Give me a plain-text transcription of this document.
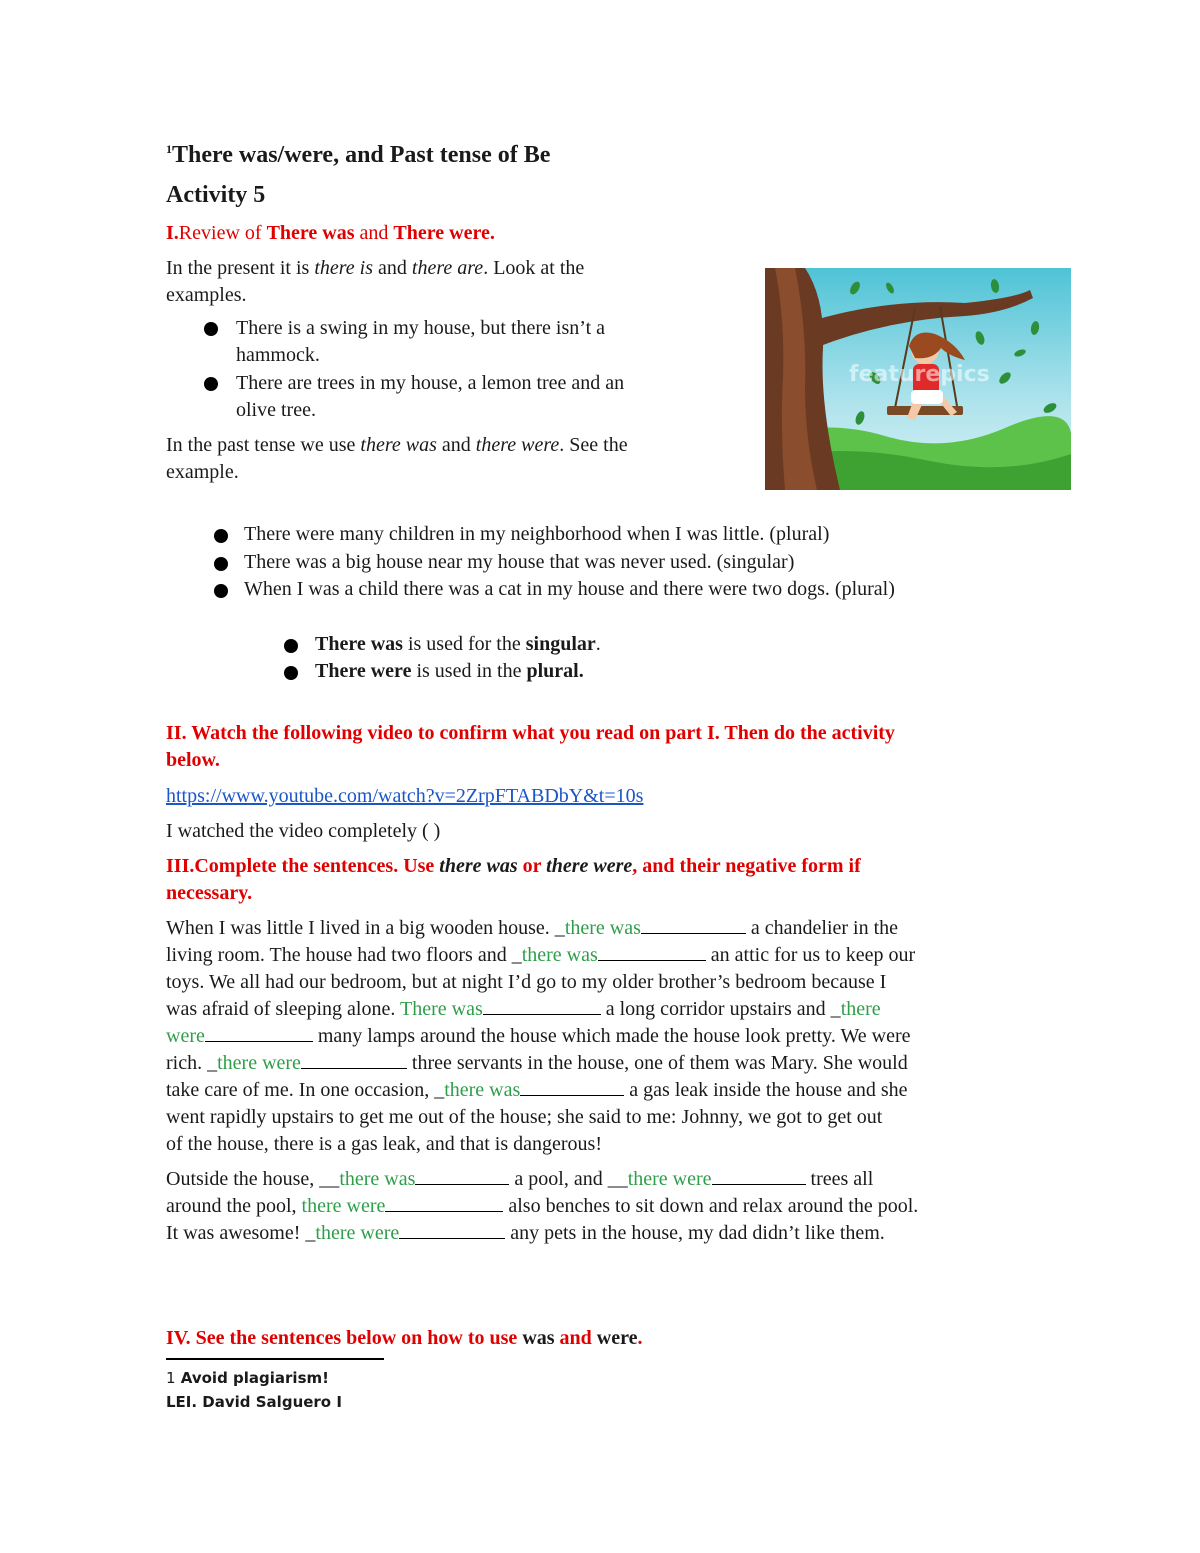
$^1$There was/were, and Past tense of Be
Activity 5
I.Review of There was and There were.
In the present it is there is and there are. Look at the
examples.
There is a swing in my house, but there isn’t a
hammock.
There are trees in my house, a lemon tree and an
olive tree.
In the past tense we use there was and there were. See the
example.
featurepics
There were many children in my neighborhood when I was little. (plural)
There was a big house near my house that was never used. (singular)
When I was a child there was a cat in my house and there were two dogs. (plural)
There was is used for the singular.
There were is used in the plural.
II. Watch the following video to confirm what you read on part I. Then do the activity
below.
https://www.youtube.com/watch?v=2ZrpFTABDbY&t=10s
I watched the video completely ( )
III.Complete the sentences. Use there was or there were, and their negative form if
necessary.
When I was little I lived in a big wooden house. _there was	a chandelier in the
living room. The house had two floors and _there was	an attic for us to keep our
toys. We all had our bedroom, but at night I’d go to my older brother’s bedroom because I
was afraid of sleeping alone. There was	a long corridor upstairs and _there
were	many lamps around the house which made the house look pretty. We were
rich. _there were	three servants in the house, one of them was Mary. She would
take care of me. In one occasion, _there was	a gas leak inside the house and she
went rapidly upstairs to get me out of the house; she said to me: Johnny, we got to get out
of the house, there is a gas leak, and that is dangerous!
Outside the house, __there was	a pool, and __there were	trees all
around the pool, there were	also benches to sit down and relax around the pool.
It was awesome! _there were	any pets in the house, my dad didn’t like them.
IV. See the sentences below on how to use was and were.
1 Avoid plagiarism!
LEI. David Salguero I
